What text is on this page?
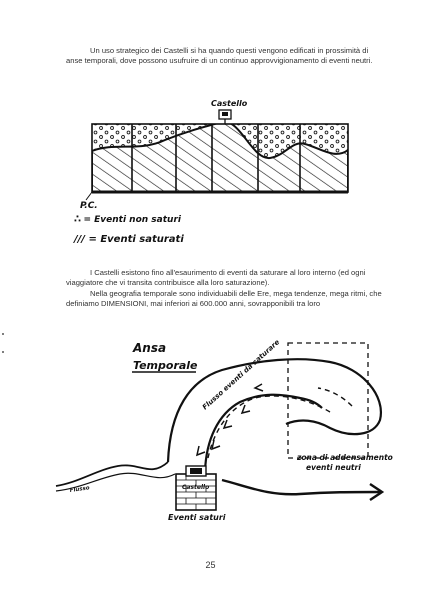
Un uso strategico dei Castelli si ha quando questi vengono edificati in prossimità di anse temporali, dove possono usufruire di un continuo approvvigionamento di eventi neutri.

Castello
P.C.
∴ = Eventi non saturi
/// = Eventi saturati

I Castelli esistono fino all'esaurimento di eventi da saturare al loro interno (ed ogni viaggiatore che vi transita contribuisce alla loro saturazione).

Nella geografia temporale sono individuabili delle Ere, mega tendenze, mega ritmi, che definiamo DIMENSIONI, mai inferiori ai 600.000 anni, sovrapponibili tra loro

Ansa
Temporale Flusso eventi da saturare
Flusso
zona di addensamento
eventi neutri
Castello
Eventi saturi
25
